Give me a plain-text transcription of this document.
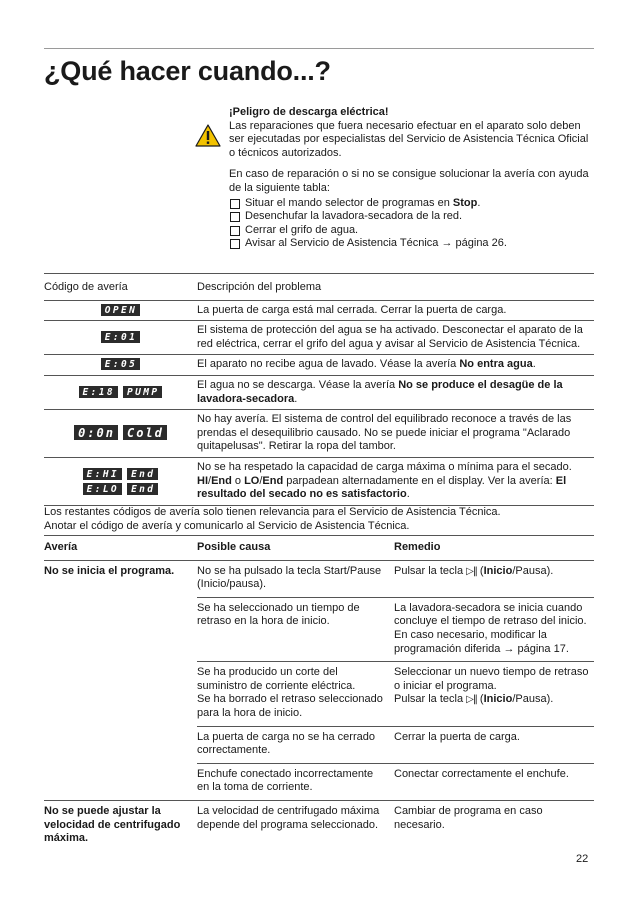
¿Qué hacer cuando...?
¡Peligro de descarga eléctrica!
Las reparaciones que fuera necesario efectuar en el aparato solo deben ser ejecutadas por especialistas del Servicio de Asistencia Técnica Oficial o técnicos autorizados.
En caso de reparación o si no se consigue solucionar la avería con ayuda de la siguiente tabla:
Situar el mando selector de programas en Stop.
Desenchufar la lavadora-secadora de la red.
Cerrar el grifo de agua.
Avisar al Servicio de Asistencia Técnica → página 26.
Código de avería	Descripción del problema

OPEN	La puerta de carga está mal cerrada. Cerrar la puerta de carga.

E:01	El sistema de protección del agua se ha activado. Desconectar el aparato de la red eléctrica, cerrar el grifo del agua y avisar al Servicio de Asistencia Técnica.

E:05	El aparato no recibe agua de lavado. Véase la avería No entra agua.

E:18 PUMP	El agua no se descarga. Véase la avería No se produce el desagüe de la lavadora-secadora.

0:0n Cold	No hay avería. El sistema de control del equilibrado reconoce a través de las prendas el desequilibrio causado. No se puede iniciar el programa "Aclarado quitapelusas". Retirar la ropa del tambor.

E:HI End
E:LO End	No se ha respetado la capacidad de carga máxima o mínima para el secado. HI/End o LO/End parpadean alternadamente en el display. Ver la avería: El resultado del secado no es satisfactorio.
Los restantes códigos de avería solo tienen relevancia para el Servicio de Asistencia Técnica.
Anotar el código de avería y comunicarlo al Servicio de Asistencia Técnica.
Avería	Posible causa	Remedio
No se inicia el programa.	No se ha pulsado la tecla Start/Pause (Inicio/pausa).	Pulsar la tecla ▷‖ (Inicio/Pausa).
	Se ha seleccionado un tiempo de retraso en la hora de inicio.	La lavadora-secadora se inicia cuando concluye el tiempo de retraso del inicio.
En caso necesario, modificar la programación diferida → página 17.
	Se ha producido un corte del suministro de corriente eléctrica.
Se ha borrado el retraso seleccionado para la hora de inicio.	Seleccionar un nuevo tiempo de retraso o iniciar el programa.
Pulsar la tecla ▷‖ (Inicio/Pausa).
	La puerta de carga no se ha cerrado correctamente.	Cerrar la puerta de carga.
	Enchufe conectado incorrectamente en la toma de corriente.	Conectar correctamente el enchufe.
No se puede ajustar la velocidad de centrifugado máxima.	La velocidad de centrifugado máxima depende del programa seleccionado.	Cambiar de programa en caso necesario.
22
